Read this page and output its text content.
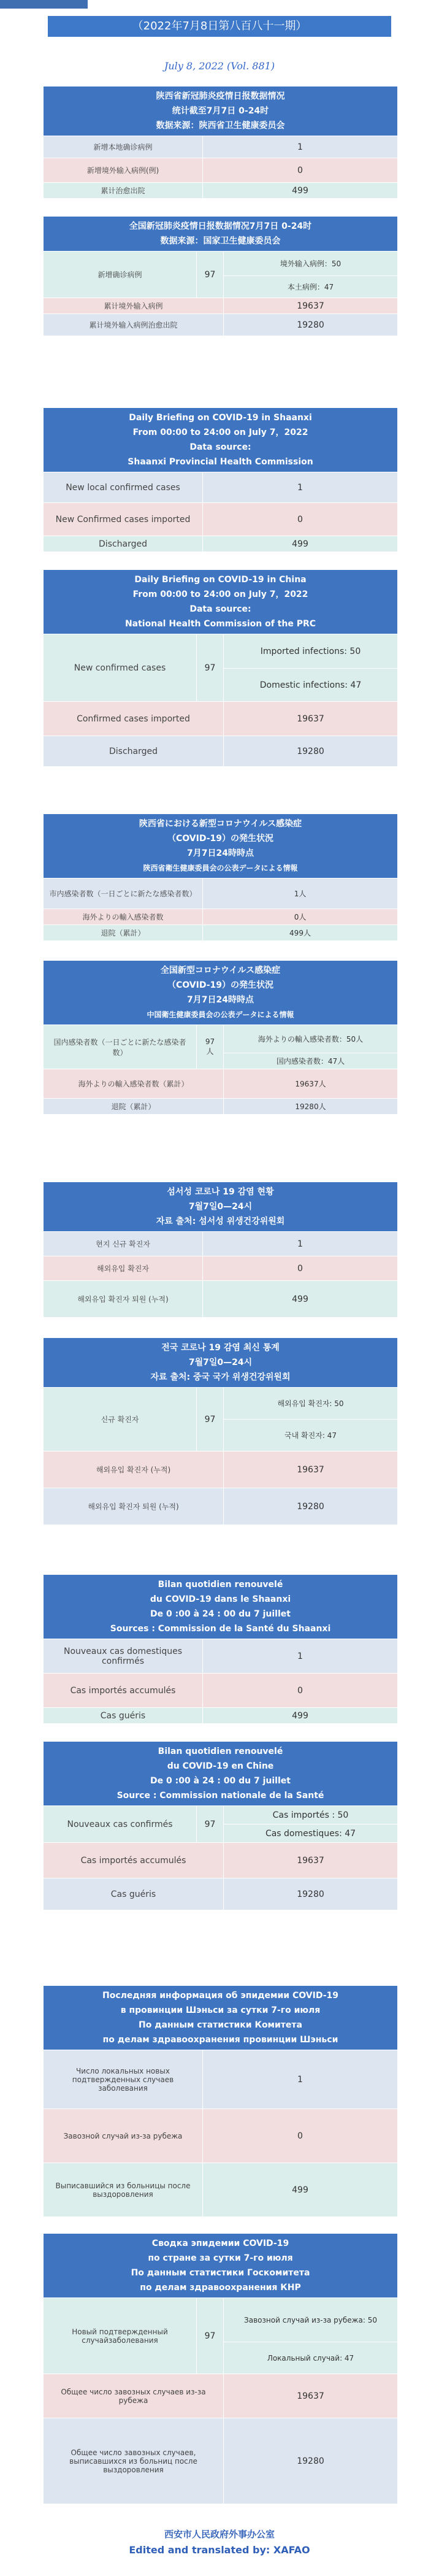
（2022年7月8日第八百八十一期）
July 8, 2022 (Vol. 881)
陕西省新冠肺炎疫情日报数据情况
统计截至7月7日 0-24时
数据来源：陕西省卫生健康委员会	

新增本地确诊病例	1
新增境外输入病例(例)	0
累计治愈出院	499
全国新冠肺炎疫情日报数据情况7月7日 0-24时
数据来源：国家卫生健康委员会		

新增确诊病例	97	境外输入病例：50
		本土病例：47
累计境外输入病例		19637
累计境外输入病例治愈出院		19280
Daily Briefing on COVID-19 in Shaanxi
From 00:00 to 24:00 on July 7，2022
Data source:
Shaanxi Provincial Health Commission	

New local confirmed cases	1
New Confirmed cases imported	0
Discharged	499
Daily Briefing on COVID-19 in China
From 00:00 to 24:00 on July 7，2022
Data source:
National Health Commission of the PRC		

New confirmed cases	97	Imported infections: 50
		Domestic infections: 47
Confirmed cases imported		19637
Discharged		19280
陝西省における新型コロナウイルス感染症
（COVID-19）の発生状況
7月7日24時時点
陝西省衛生健康委員会の公表データによる情報	

市内感染者数（一日ごとに新たな感染者数）	1人
海外よりの輸入感染者数	0人
退院（累計）	499人
全国新型コロナウイルス感染症
（COVID-19）の発生状況
7月7日24時時点
中国衛生健康委員会の公表データによる情報		

国内感染者数（一日ごとに新たな感染者数）	97人	海外よりの輸入感染者数：50人
		国内感染者数：47人
海外よりの輸入感染者数（累計）		19637人
退院（累計）		19280人
섬서성 코로나 19 감염 현황
7월7일0—24시
자료 출처: 섬서성 위생건강위원회	

현지 신규 확진자	1
해외유입 확진자	0
해외유입 확진자 퇴원 (누적)	499
전국 코로나 19 감염 최신 통계
7월7일0—24시
자료 출처: 중국 국가 위생건강위원회		

신규 확진자	97	해외유입 확진자: 50
		국내 확진자: 47
해외유입 확진자 (누적)		19637
해외유입 확진자 퇴원 (누적)		19280
Bilan quotidien renouvelé
du COVID-19 dans le Shaanxi
De 0 :00 à 24 : 00 du 7 juillet
Sources : Commission de la Santé du Shaanxi	

Nouveaux cas domestiques confirmés	1
Cas importés accumulés	0
Cas guéris	499
Bilan quotidien renouvelé
du COVID-19 en Chine
De 0 :00 à 24 : 00 du 7 juillet
Source : Commission nationale de la Santé		

Nouveaux cas confirmés	97	Cas importés : 50
		Cas domestiques: 47
Cas importés accumulés		19637
Cas guéris		19280
Последняя информация об эпидемии COVID-19
в провинции Шэньси за сутки 7-го июля
По данным статистики Комитета
по делам здравоохранения провинции Шэньси	

Число локальных новых подтвержденных случаев заболевания	1
Завозной случай из-за рубежа	0
Выписавшийся из больницы после выздоровления	499
Сводка эпидемии COVID-19
по стране за сутки 7-го июля
По данным статистики Госкомитета
по делам здравоохранения КНР		

Новый подтвержденный случайзаболевания	97	Завозной случай из-за рубежа: 50
		Локальный случай: 47
Общее число завозных случаев из-за рубежа		19637
Общее число завозных случаев, выписавшихся из больниц после выздоровления		19280
西安市人民政府外事办公室
Edited and translated by: XAFAO
